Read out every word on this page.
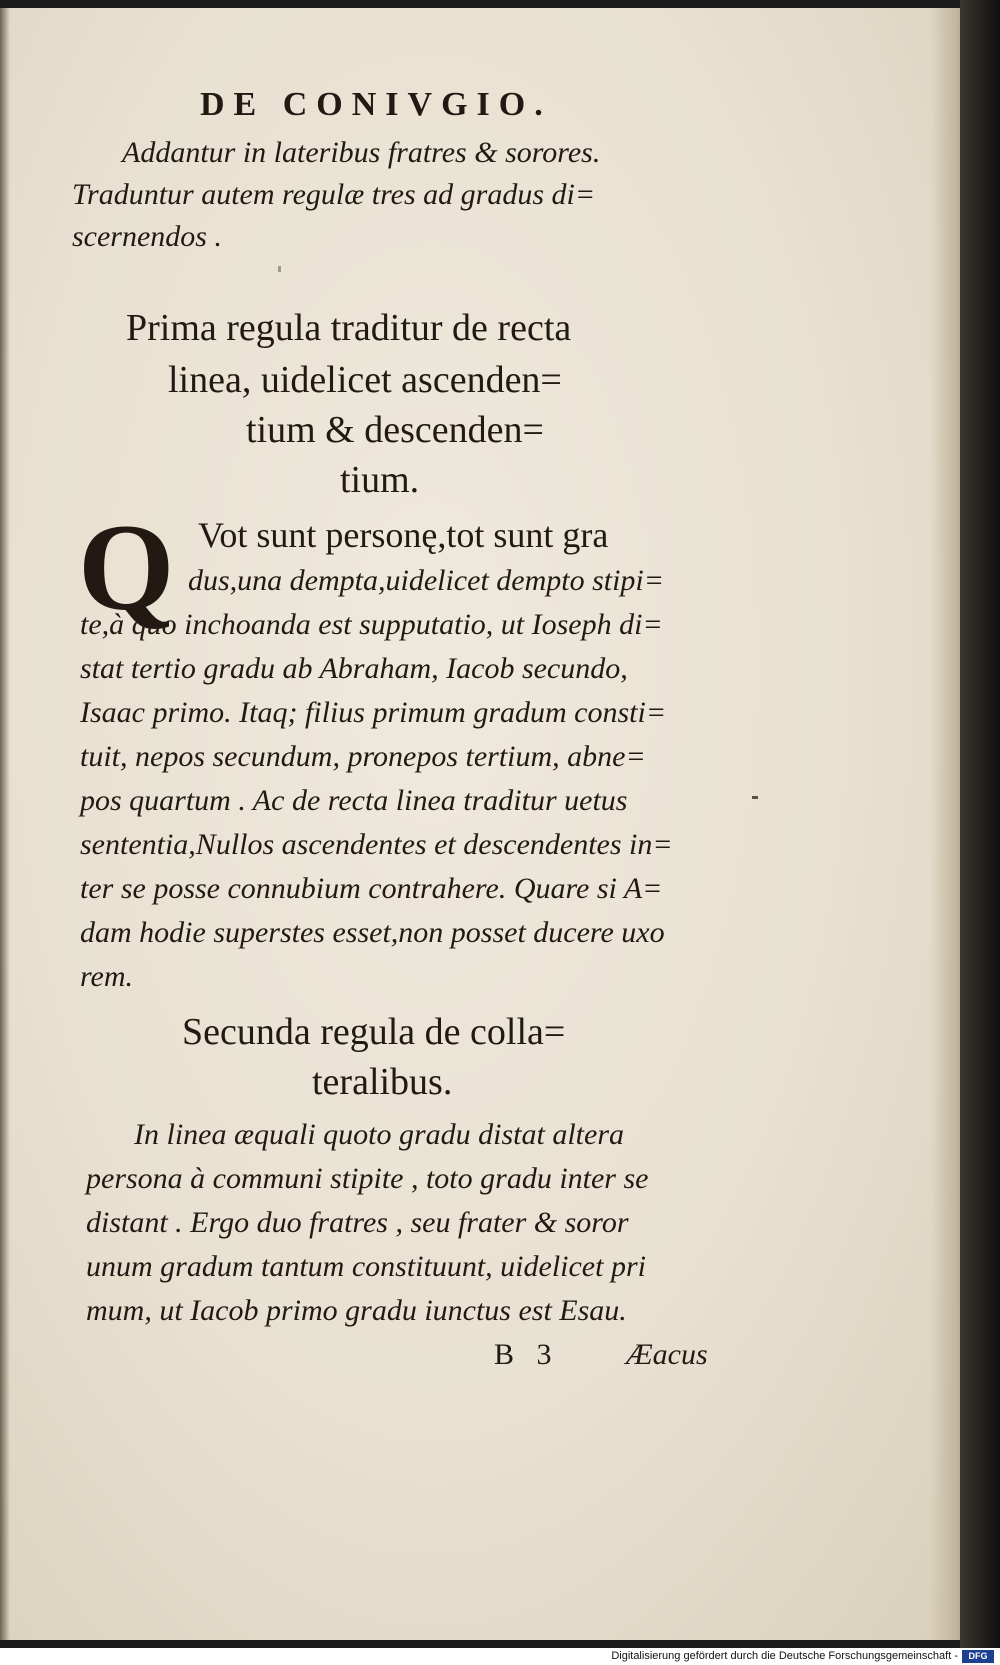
DE CONIVGIO.
Addantur in lateribus fratres & sorores.
Traduntur autem regulæ tres ad gradus di=
scernendos .
Prima regula traditur de recta
linea, uidelicet ascenden=
tium & descenden=
tium.
Q Vot sunt personę,tot sunt gra
dus,una dempta,uidelicet dempto stipi=
te,à quo inchoanda est supputatio, ut Ioseph di=
stat tertio gradu ab Abraham, Iacob secundo,
Isaac primo. Itaq; filius primum gradum consti=
tuit, nepos secundum, pronepos tertium, abne=
pos quartum . Ac de recta linea traditur uetus
sententia,Nullos ascendentes et descendentes in=
ter se posse connubium contrahere. Quare si A=
dam hodie superstes esset,non posset ducere uxo
rem.
Secunda regula de colla=
teralibus.
In linea æquali quoto gradu distat altera
persona à communi stipite , toto gradu inter se
distant . Ergo duo fratres , seu frater & soror
unum gradum tantum constituunt, uidelicet pri
mum, ut Iacob primo gradu iunctus est Esau.
B   3 Æacus
Digitalisierung gefördert durch die Deutsche Forschungsgemeinschaft -	DFG
